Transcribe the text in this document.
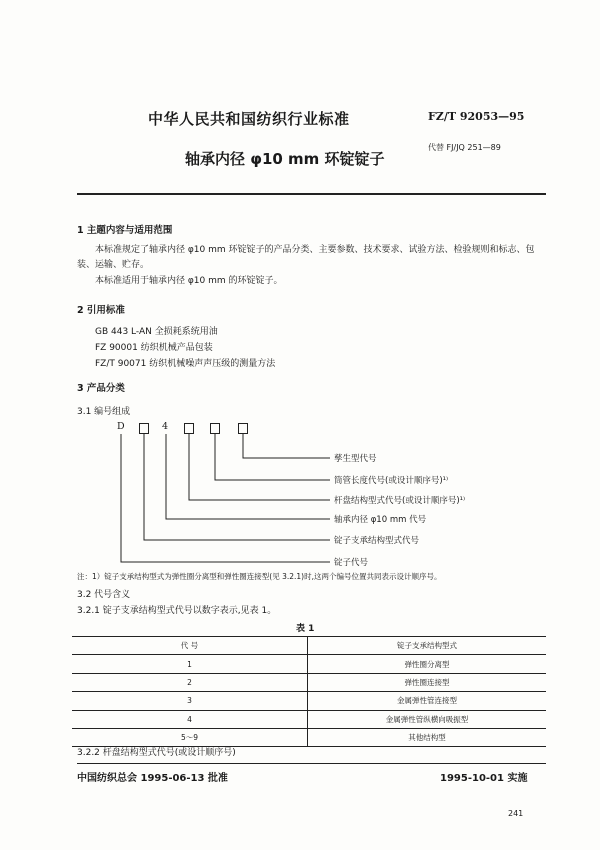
中华人民共和国纺织行业标准	FZ/T 92053—95
轴承内径 φ10 mm 环锭锭子
代替 FJ/JQ 251—89
1 主题内容与适用范围
本标准规定了轴承内径 φ10 mm 环锭锭子的产品分类、主要参数、技术要求、试验方法、检验规则和标志、包装、运输、贮存。
本标准适用于轴承内径 φ10 mm 的环锭锭子。
2 引用标准
GB 443 L-AN 全损耗系统用油
FZ 90001 纺织机械产品包装
FZ/T 90071 纺织机械噪声声压级的测量方法
3 产品分类
3.1 编号组成
D	4
孳生型代号
筒管长度代号(或设计顺序号)¹⁾
杆盘结构型式代号(或设计顺序号)¹⁾
轴承内径 φ10 mm 代号
锭子支承结构型式代号
锭子代号
注：1）锭子支承结构型式为弹性圈分离型和弹性圈连接型(见 3.2.1)时,这两个编号位置共同表示设计顺序号。
3.2 代号含义
3.2.1 锭子支承结构型式代号以数字表示,见表 1。
表 1
代 号	锭子支承结构型式
1	弹性圈分离型
2	弹性圈连接型
3	金属弹性管连接型
4	金属弹性管纵横向吸振型
5～9	其他结构型
3.2.2 杆盘结构型式代号(或设计顺序号)
中国纺织总会 1995-06-13 批准	1995-10-01 实施
241
